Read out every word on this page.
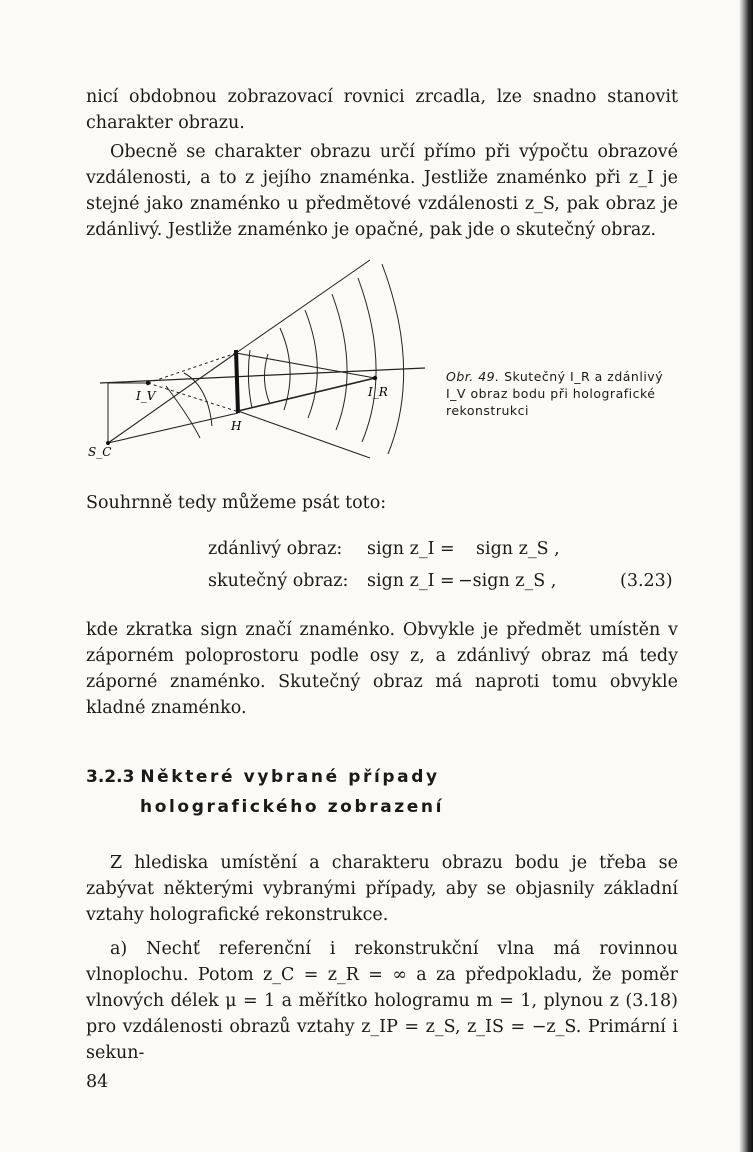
nicí obdobnou zobrazovací rovnici zrcadla, lze snadno stanovit charakter obrazu.

Obecně se charakter obrazu určí přímo při výpočtu obrazové vzdálenosti, a to z jejího znaménka. Jestliže znaménko při z_I je stejné jako znaménko u předmětové vzdálenosti z_S, pak obraz je zdánlivý. Jestliže znaménko je opačné, pak jde o skutečný obraz.

I_V	I_R
H
S_C
Obr. 49. Skutečný I_R a zdánlivý I_V obraz bodu při holografické rekonstrukci

Souhrnně tedy můžeme psát toto:

zdánlivý obraz: sign z_I = sign z_S ,
skutečný obraz: sign z_I = −sign z_S ,	(3.23)

kde zkratka sign značí znaménko. Obvykle je předmět umístěn v záporném poloprostoru podle osy z, a zdánlivý obraz má tedy záporné znaménko. Skutečný obraz má naproti tomu obvykle kladné znaménko.

3.2.3 Některé vybrané případy
holografického zobrazení

Z hlediska umístění a charakteru obrazu bodu je třeba se zabývat některými vybranými případy, aby se objasnily základní vztahy holografické rekonstrukce.

a) Nechť referenční i rekonstrukční vlna má rovinnou vlnoplochu. Potom z_C = z_R = ∞ a za předpokladu, že poměr vlnových délek μ = 1 a měřítko hologramu m = 1, plynou z (3.18) pro vzdálenosti obrazů vztahy z_IP = z_S, z_IS = −z_S. Primární i sekun-

84
